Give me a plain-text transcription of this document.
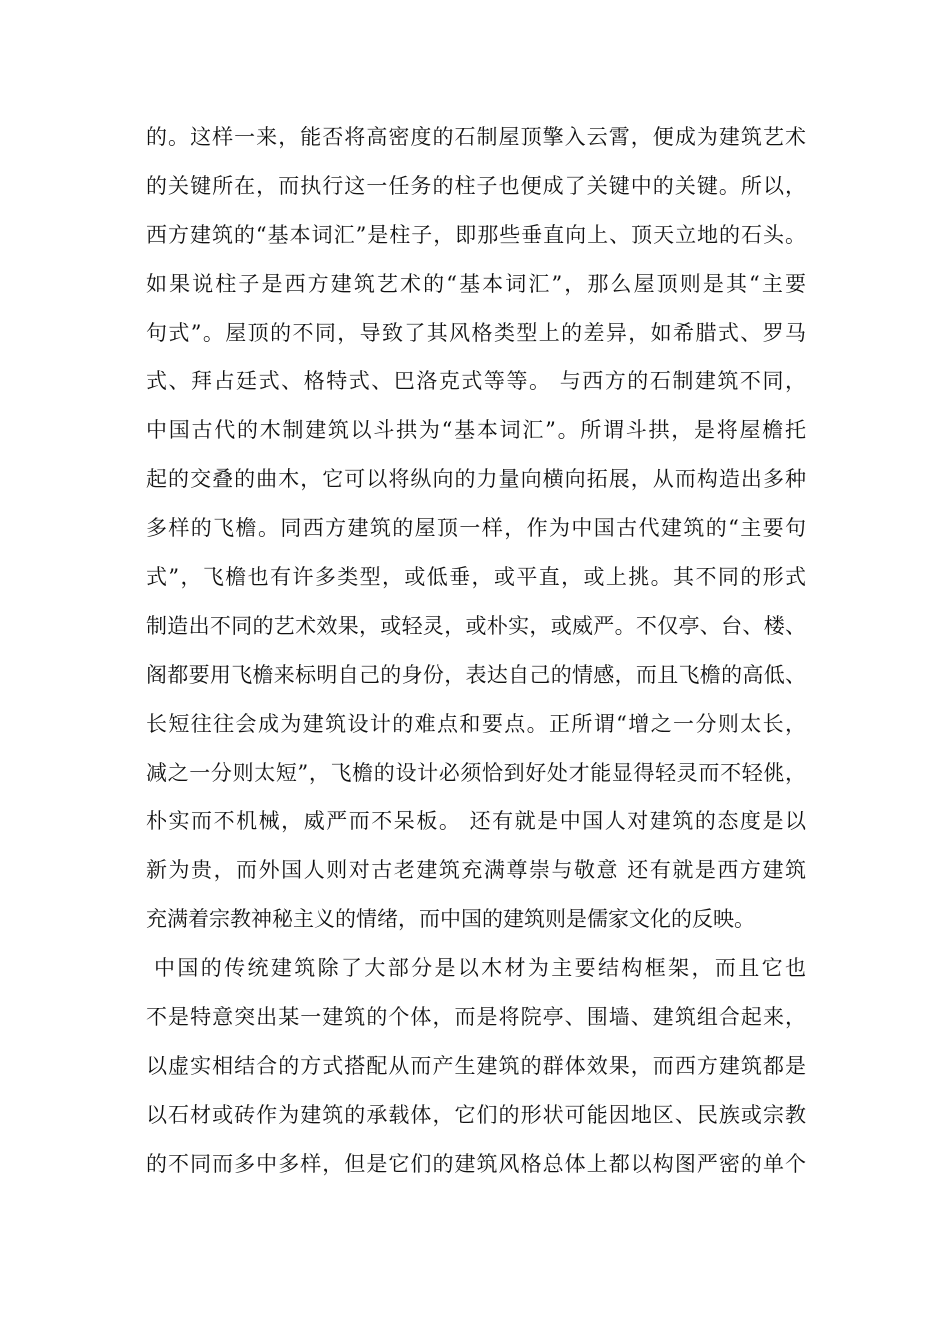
的。这样一来，能否将高密度的石制屋顶擎入云霄，便成为建筑艺术
的关键所在，而执行这一任务的柱子也便成了关键中的关键。所以，
西方建筑的“基本词汇”是柱子，即那些垂直向上、顶天立地的石头。
如果说柱子是西方建筑艺术的“基本词汇”，那么屋顶则是其“主要
句式”。屋顶的不同，导致了其风格类型上的差异，如希腊式、罗马
式、拜占廷式、格特式、巴洛克式等等。 与西方的石制建筑不同，
中国古代的木制建筑以斗拱为“基本词汇”。所谓斗拱，是将屋檐托
起的交叠的曲木，它可以将纵向的力量向横向拓展，从而构造出多种
多样的飞檐。同西方建筑的屋顶一样，作为中国古代建筑的“主要句
式”，飞檐也有许多类型，或低垂，或平直，或上挑。其不同的形式
制造出不同的艺术效果，或轻灵，或朴实，或威严。不仅亭、台、楼、
阁都要用飞檐来标明自己的身份，表达自己的情感，而且飞檐的高低、
长短往往会成为建筑设计的难点和要点。正所谓“增之一分则太长，
减之一分则太短”，飞檐的设计必须恰到好处才能显得轻灵而不轻佻，
朴实而不机械，威严而不呆板。 还有就是中国人对建筑的态度是以
新为贵，而外国人则对古老建筑充满尊崇与敬意 还有就是西方建筑
充满着宗教神秘主义的情绪，而中国的建筑则是儒家文化的反映。
中国的传统建筑除了大部分是以木材为主要结构框架，而且它也
不是特意突出某一建筑的个体，而是将院亭、围墙、建筑组合起来，
以虚实相结合的方式搭配从而产生建筑的群体效果，而西方建筑都是
以石材或砖作为建筑的承载体，它们的形状可能因地区、民族或宗教
的不同而多中多样，但是它们的建筑风格总体上都以构图严密的单个
